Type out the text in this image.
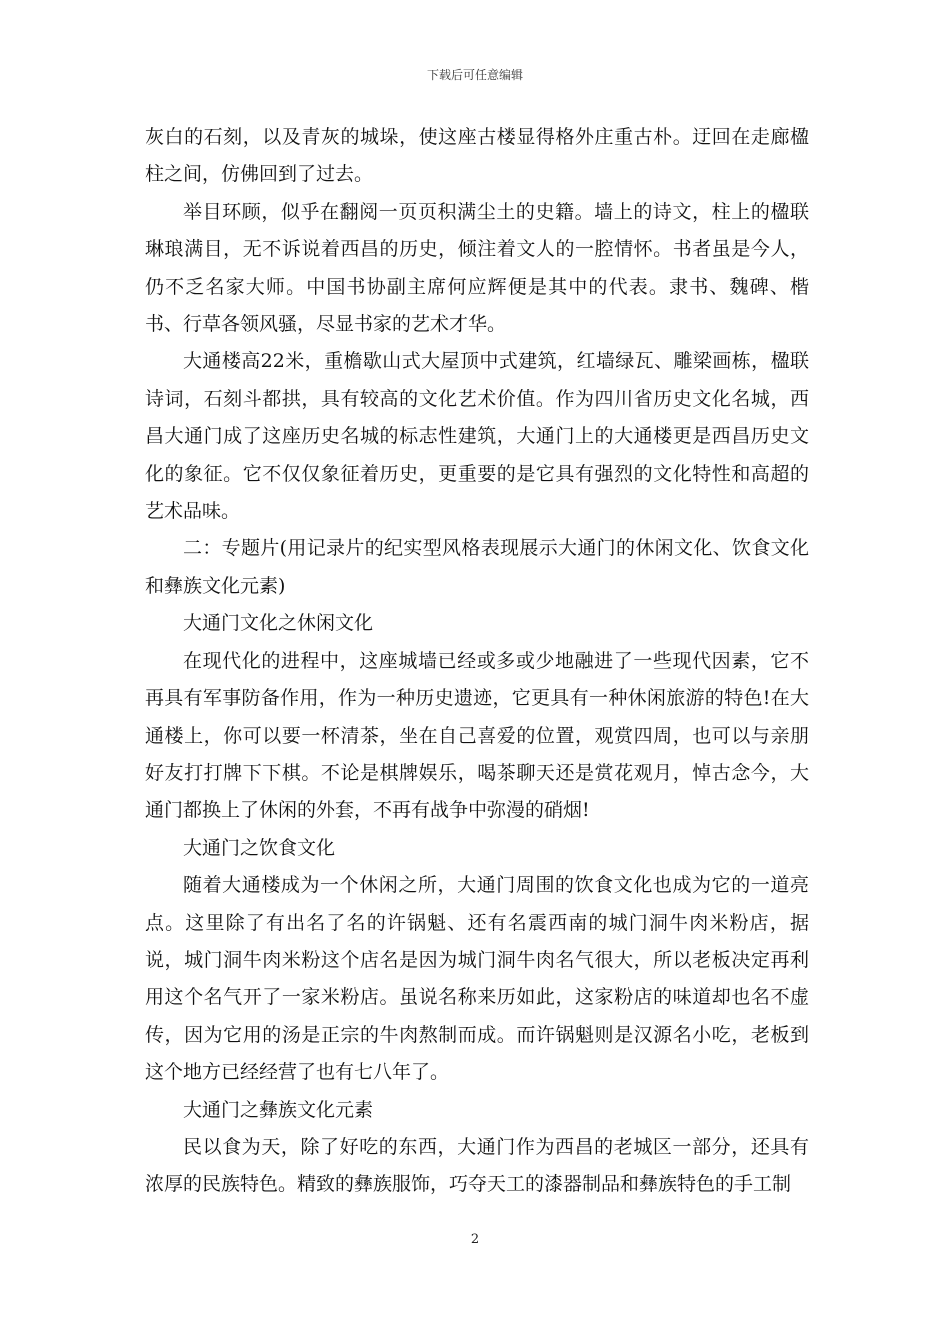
下载后可任意编辑

灰白的石刻，以及青灰的城垛，使这座古楼显得格外庄重古朴。迂回在走廊楹柱之间，仿佛回到了过去。

举目环顾，似乎在翻阅一页页积满尘土的史籍。墙上的诗文，柱上的楹联琳琅满目，无不诉说着西昌的历史，倾注着文人的一腔情怀。书者虽是今人，仍不乏名家大师。中国书协副主席何应辉便是其中的代表。隶书、魏碑、楷书、行草各领风骚，尽显书家的艺术才华。

大通楼高22米，重檐歇山式大屋顶中式建筑，红墙绿瓦、雕梁画栋，楹联诗词，石刻斗都拱，具有较高的文化艺术价值。作为四川省历史文化名城，西昌大通门成了这座历史名城的标志性建筑，大通门上的大通楼更是西昌历史文化的象征。它不仅仅象征着历史，更重要的是它具有强烈的文化特性和高超的艺术品味。

二：专题片(用记录片的纪实型风格表现展示大通门的休闲文化、饮食文化和彝族文化元素)

大通门文化之休闲文化

在现代化的进程中，这座城墙已经或多或少地融进了一些现代因素，它不再具有军事防备作用，作为一种历史遗迹，它更具有一种休闲旅游的特色!在大通楼上，你可以要一杯清茶，坐在自己喜爱的位置，观赏四周，也可以与亲朋好友打打牌下下棋。不论是棋牌娱乐，喝茶聊天还是赏花观月，悼古念今，大通门都换上了休闲的外套，不再有战争中弥漫的硝烟!

大通门之饮食文化

随着大通楼成为一个休闲之所，大通门周围的饮食文化也成为它的一道亮点。这里除了有出名了名的许锅魁、还有名震西南的城门洞牛肉米粉店，据说，城门洞牛肉米粉这个店名是因为城门洞牛肉名气很大，所以老板决定再利用这个名气开了一家米粉店。虽说名称来历如此，这家粉店的味道却也名不虚传，因为它用的汤是正宗的牛肉熬制而成。而许锅魁则是汉源名小吃，老板到这个地方已经经营了也有七八年了。

大通门之彝族文化元素

民以食为天，除了好吃的东西，大通门作为西昌的老城区一部分，还具有浓厚的民族特色。精致的彝族服饰，巧夺天工的漆器制品和彝族特色的手工制

2
